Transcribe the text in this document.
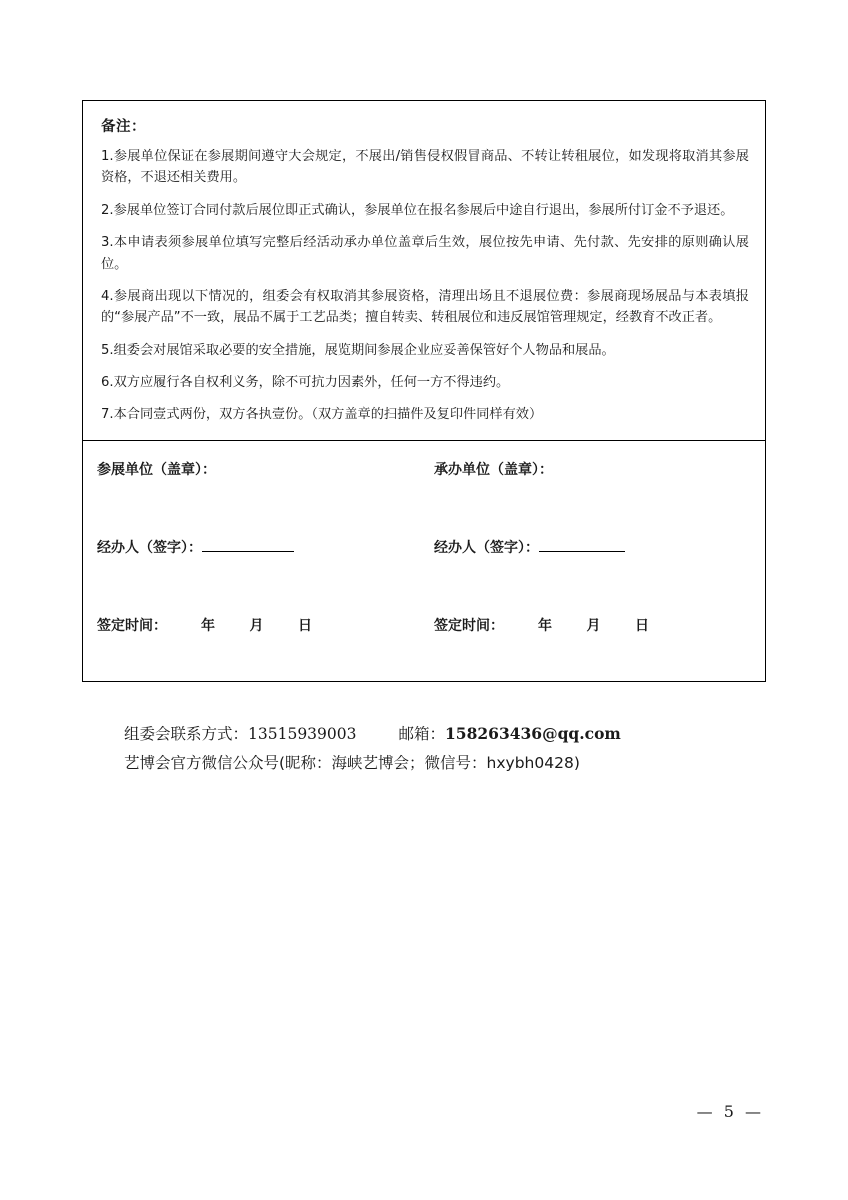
备注：

1.参展单位保证在参展期间遵守大会规定，不展出/销售侵权假冒商品、不转让转租展位，如发现将取消其参展资格，不退还相关费用。

2.参展单位签订合同付款后展位即正式确认，参展单位在报名参展后中途自行退出，参展所付订金不予退还。

3.本申请表须参展单位填写完整后经活动承办单位盖章后生效，展位按先申请、先付款、先安排的原则确认展位。

4.参展商出现以下情况的，组委会有权取消其参展资格，清理出场且不退展位费：参展商现场展品与本表填报的“参展产品”不一致，展品不属于工艺品类；擅自转卖、转租展位和违反展馆管理规定，经教育不改正者。

5.组委会对展馆采取必要的安全措施，展览期间参展企业应妥善保管好个人物品和展品。

6.双方应履行各自权利义务，除不可抗力因素外，任何一方不得违约。

7.本合同壹式两份，双方各执壹份。（双方盖章的扫描件及复印件同样有效）

参展单位（盖章）：	承办单位（盖章）：
经办人（签字）：	经办人（签字）：
签定时间： 年 月 日	签定时间： 年 月 日
组委会联系方式：13515939003	邮箱：158263436@qq.com
艺博会官方微信公众号(昵称：海峡艺博会；微信号：hxybh0428)
— 5 —
